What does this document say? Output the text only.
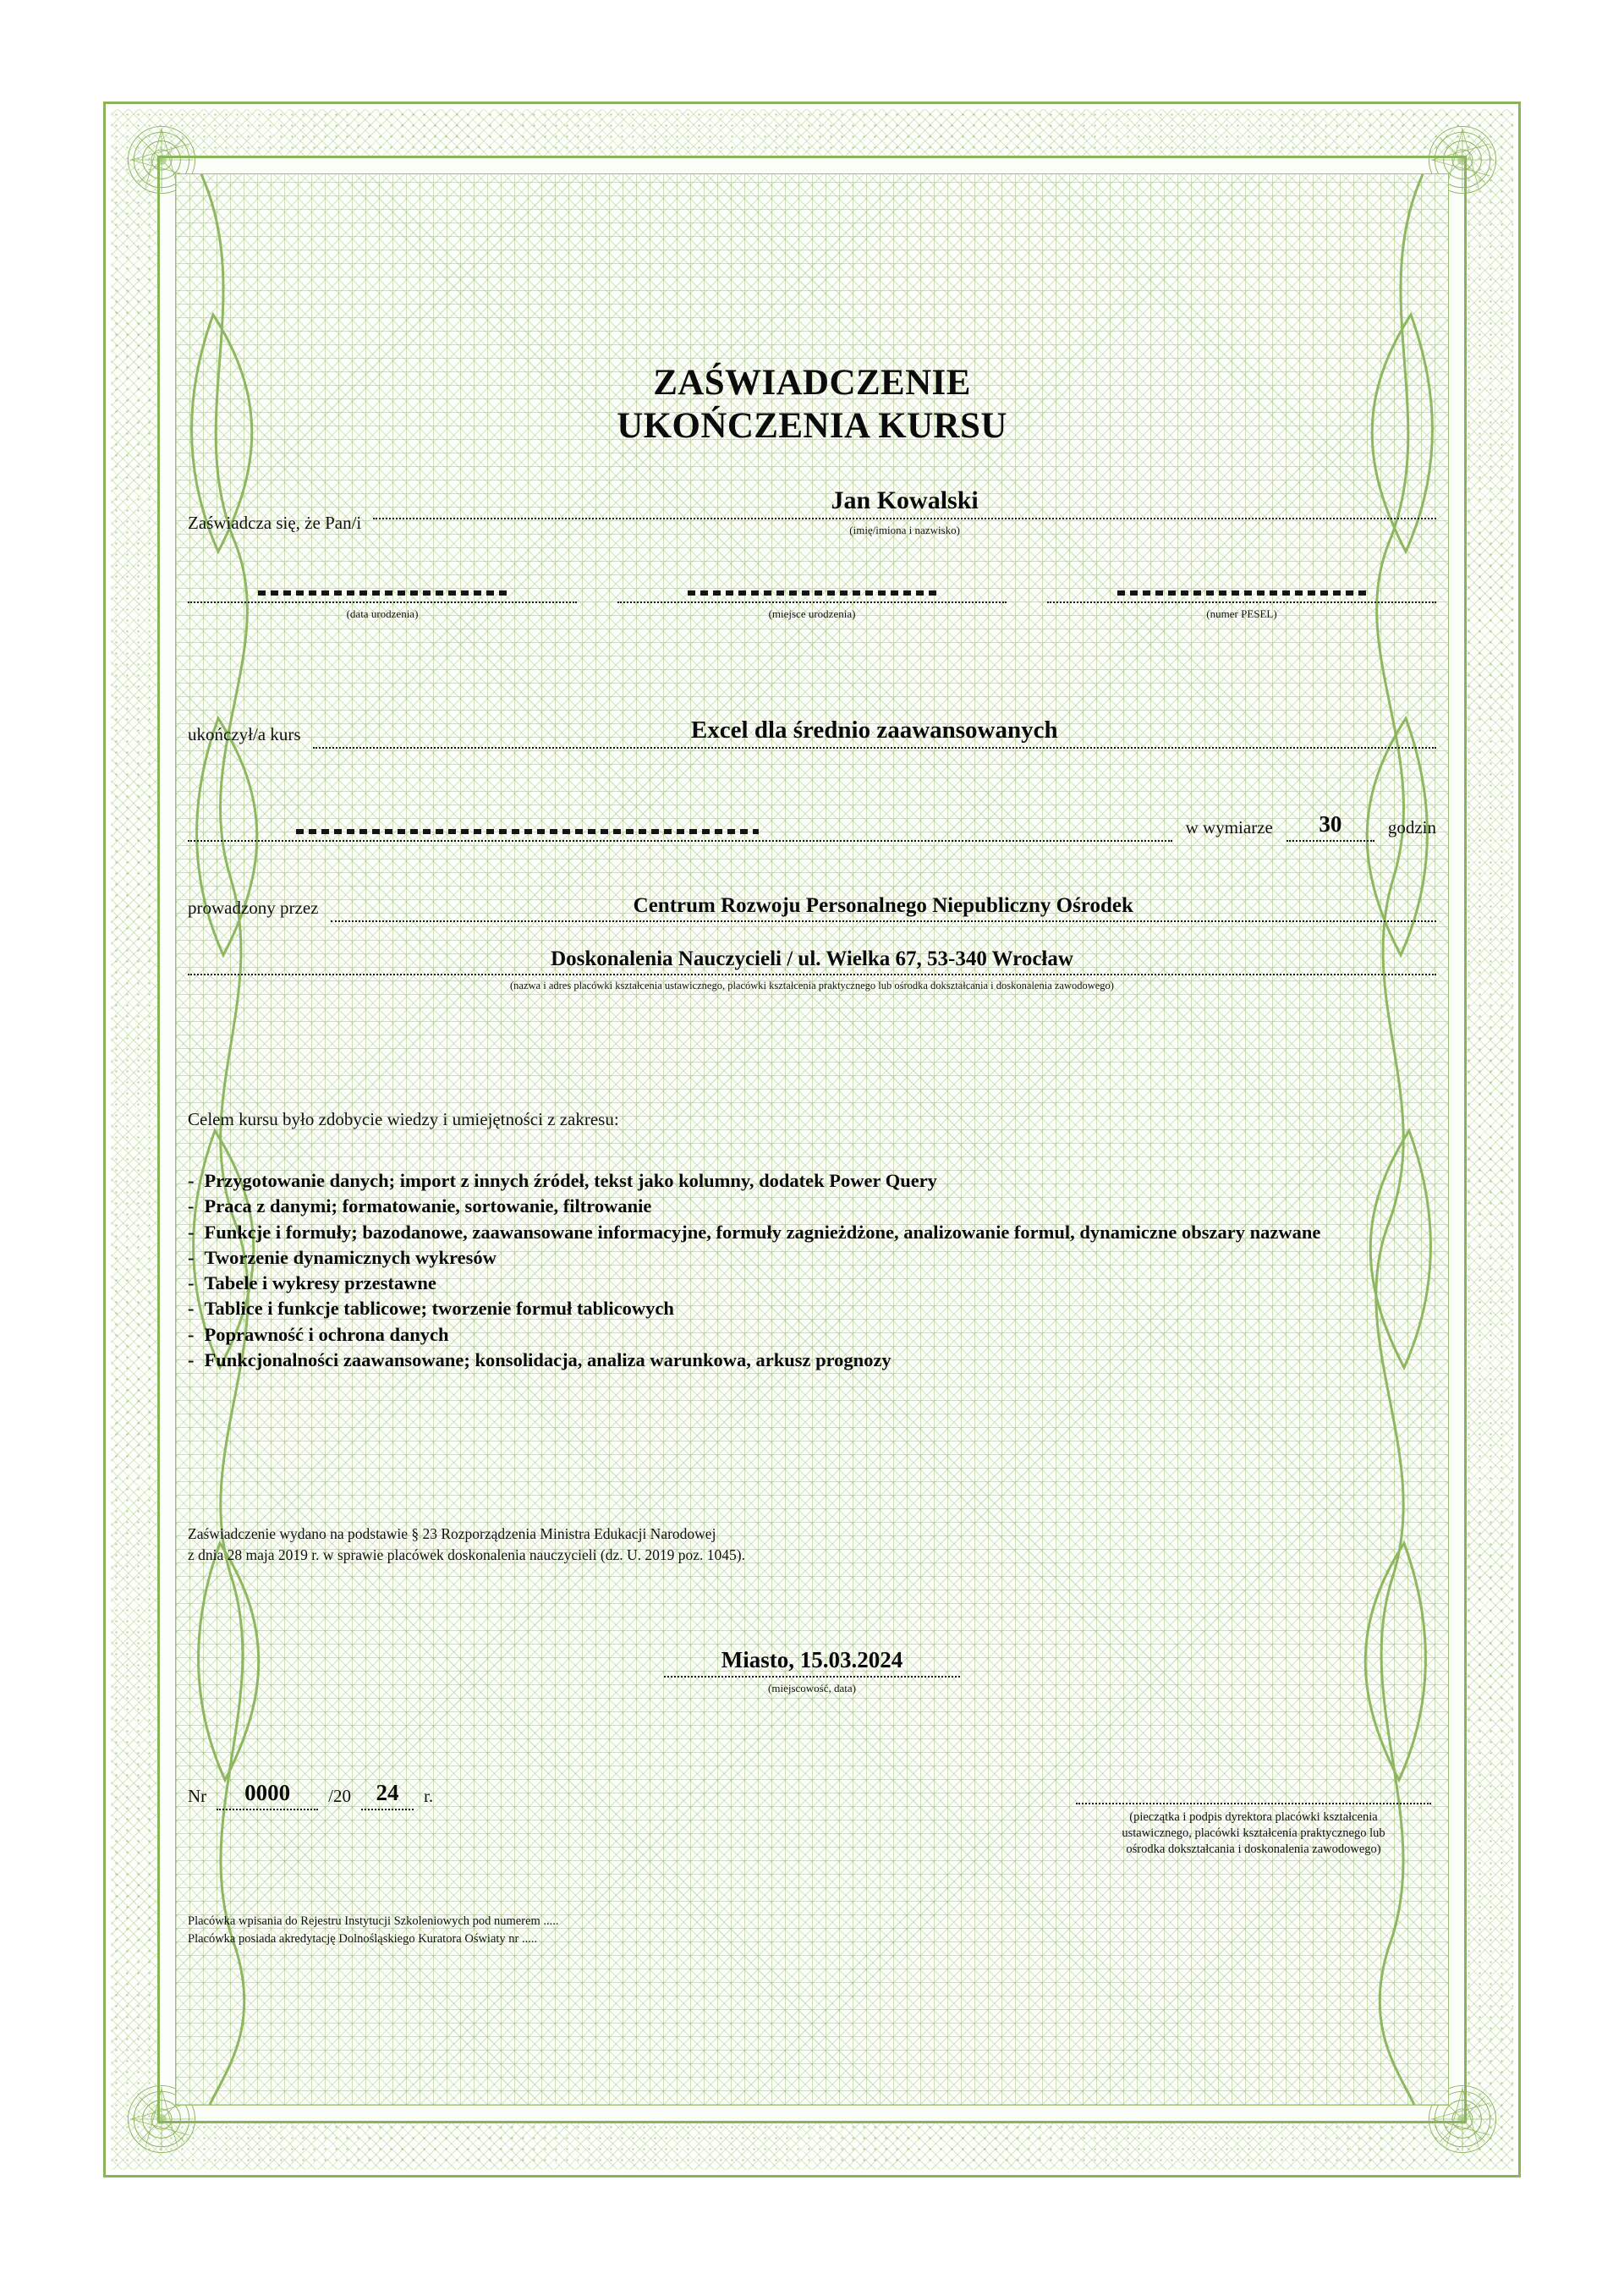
ZAŚWIADCZENIE
UKOŃCZENIA KURSU
Zaświadcza się, że Pan/i
Jan Kowalski
(imię/imiona i nazwisko)
(data urodzenia)	(miejsce urodzenia)	(numer PESEL)
ukończył/a kurs	Excel dla średnio zaawansowanych
w wymiarze	30	godzin
prowadzony przez	Centrum Rozwoju Personalnego Niepubliczny Ośrodek
Doskonalenia Nauczycieli / ul. Wielka 67, 53-340 Wrocław
(nazwa i adres placówki kształcenia ustawicznego, placówki kształcenia praktycznego lub ośrodka dokształcania i doskonalenia zawodowego)
Celem kursu było zdobycie wiedzy i umiejętności z zakresu:
- Przygotowanie danych; import z innych źródeł, tekst jako kolumny, dodatek Power Query
- Praca z danymi; formatowanie, sortowanie, filtrowanie
- Funkcje i formuły; bazodanowe, zaawansowane informacyjne, formuły zagnieżdżone, analizowanie formul, dynamiczne obszary nazwane
- Tworzenie dynamicznych wykresów
- Tabele i wykresy przestawne
- Tablice i funkcje tablicowe; tworzenie formuł tablicowych
- Poprawność i ochrona danych
- Funkcjonalności zaawansowane; konsolidacja, analiza warunkowa, arkusz prognozy

Zaświadczenie wydano na podstawie § 23 Rozporządzenia Ministra Edukacji Narodowej

z dnia 28 maja 2019 r. w sprawie placówek doskonalenia nauczycieli (dz. U. 2019 poz. 1045).

Miasto, 15.03.2024
(miejscowość, data)
Nr	0000	/20	24	r.
(pieczątka i podpis dyrektora placówki kształcenia
ustawicznego, placówki kształcenia praktycznego lub
ośrodka dokształcania i doskonalenia zawodowego)

Placówka wpisania do Rejestru Instytucji Szkoleniowych pod numerem .....

Placówka posiada akredytację Dolnośląskiego Kuratora Oświaty nr .....
